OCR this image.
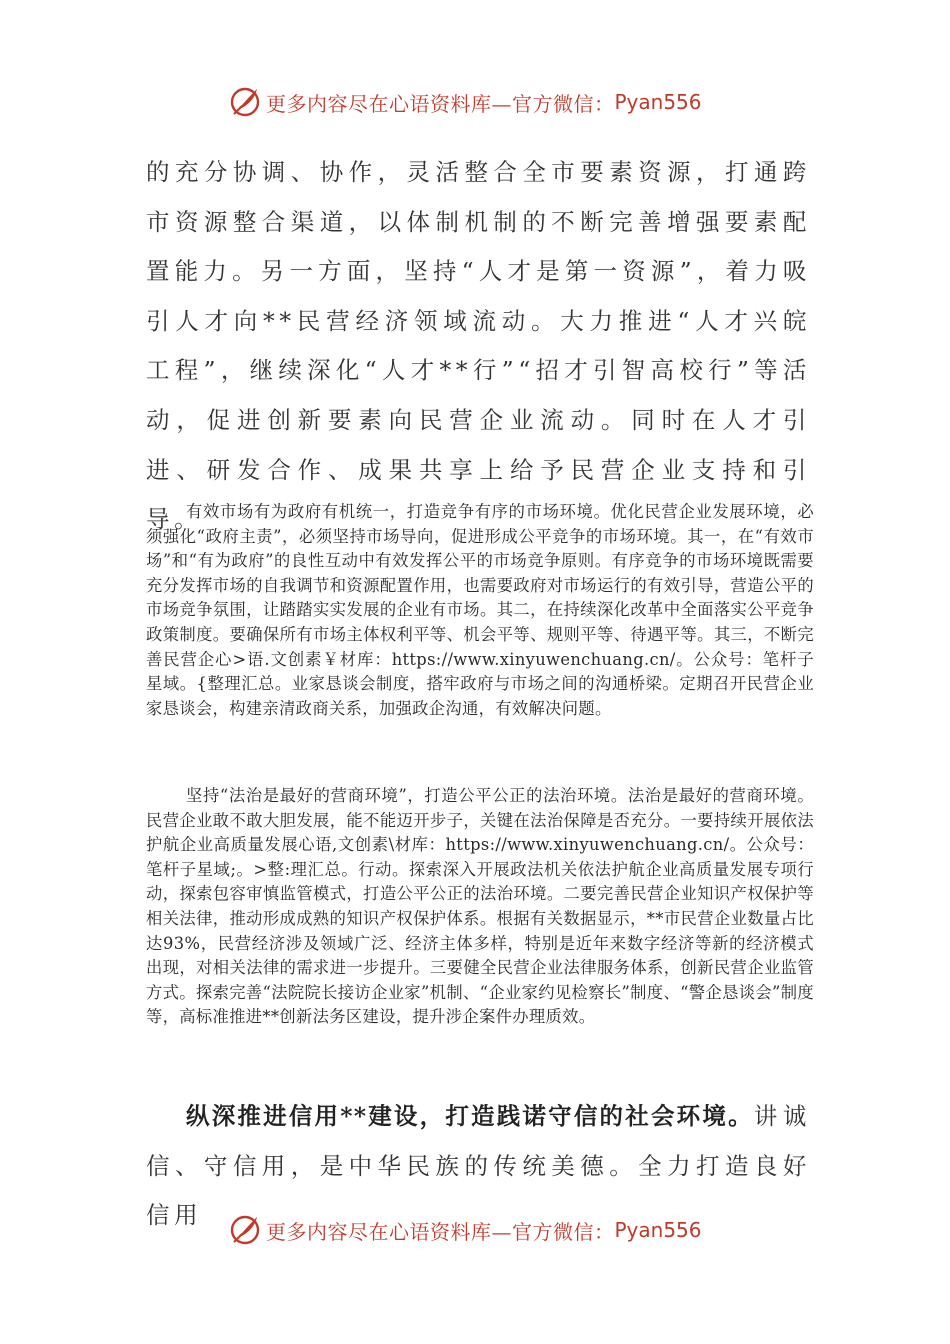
更多内容尽在心语资料库—官方微信： Pyan556

的充分协调、协作，灵活整合全市要素资源，打通跨市资源整合渠道，以体制机制的不断完善增强要素配置能力。另一方面，坚持“人才是第一资源”，着力吸引人才向**民营经济领域流动。大力推进“人才兴皖工程”，继续深化“人才**行”“招才引智高校行”等活动，促进创新要素向民营企业流动。同时在人才引进、研发合作、成果共享上给予民营企业支持和引导。

有效市场有为政府有机统一，打造竞争有序的市场环境。优化民营企业发展环境，必须强化“政府主责”，必须坚持市场导向，促进形成公平竞争的市场环境。其一，在“有效市场”和“有为政府”的良性互动中有效发挥公平的市场竞争原则。有序竞争的市场环境既需要充分发挥市场的自我调节和资源配置作用，也需要政府对市场运行的有效引导，营造公平的市场竞争氛围，让踏踏实实发展的企业有市场。其二，在持续深化改革中全面落实公平竞争政策制度。要确保所有市场主体权利平等、机会平等、规则平等、待遇平等。其三，不断完善民营企心>语.文创素￥材库：https://www.xinyuwenchuang.cn/。公众号：笔杆子星域。{整理汇总。业家恳谈会制度，搭牢政府与市场之间的沟通桥梁。定期召开民营企业家恳谈会，构建亲清政商关系，加强政企沟通，有效解决问题。

坚持“法治是最好的营商环境”，打造公平公正的法治环境。法治是最好的营商环境。民营企业敢不敢大胆发展，能不能迈开步子，关键在法治保障是否充分。一要持续开展依法护航企业高质量发展心语,文创素\材库：https://www.xinyuwenchuang.cn/。公众号：笔杆子星域;。>整:理汇总。行动。探索深入开展政法机关依法护航企业高质量发展专项行动，探索包容审慎监管模式，打造公平公正的法治环境。二要完善民营企业知识产权保护等相关法律，推动形成成熟的知识产权保护体系。根据有关数据显示，**市民营企业数量占比达93%，民营经济涉及领域广泛、经济主体多样，特别是近年来数字经济等新的经济模式出现，对相关法律的需求进一步提升。三要健全民营企业法律服务体系，创新民营企业监管方式。探索完善“法院院长接访企业家”机制、“企业家约见检察长”制度、“警企恳谈会”制度等，高标准推进**创新法务区建设，提升涉企案件办理质效。

纵深推进信用**建设，打造践诺守信的社会环境。讲诚信、守信用，是中华民族的传统美德。全力打造良好信用
更多内容尽在心语资料库—官方微信： Pyan556
